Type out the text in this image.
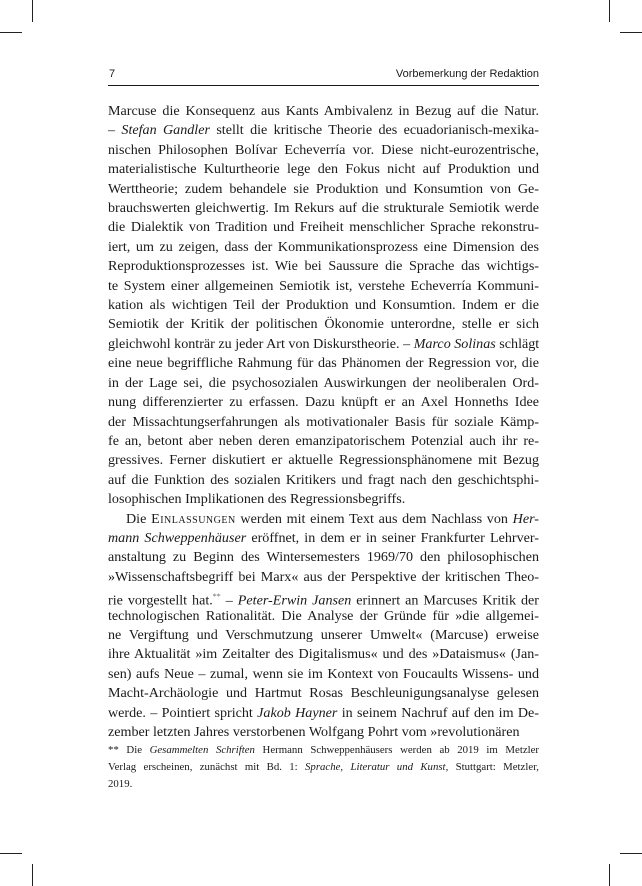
7	Vorbemerkung der Redaktion
Marcuse die Konsequenz aus Kants Ambivalenz in Bezug auf die Natur.
– Stefan Gandler stellt die kritische Theorie des ecuadorianisch-mexika-
nischen Philosophen Bolívar Echeverría vor. Diese nicht-eurozentrische,
materialistische Kulturtheorie lege den Fokus nicht auf Produktion und
Werttheorie; zudem behandele sie Produktion und Konsumtion von Ge-
brauchswerten gleichwertig. Im Rekurs auf die strukturale Semiotik werde
die Dialektik von Tradition und Freiheit menschlicher Sprache rekonstru-
iert, um zu zeigen, dass der Kommunikationsprozess eine Dimension des
Reproduktionsprozesses ist. Wie bei Saussure die Sprache das wichtigs-
te System einer allgemeinen Semiotik ist, verstehe Echeverría Kommuni-
kation als wichtigen Teil der Produktion und Konsumtion. Indem er die
Semiotik der Kritik der politischen Ökonomie unterordne, stelle er sich
gleichwohl konträr zu jeder Art von Diskurstheorie. – Marco Solinas schlägt
eine neue begriffliche Rahmung für das Phänomen der Regression vor, die
in der Lage sei, die psychosozialen Auswirkungen der neoliberalen Ord-
nung differenzierter zu erfassen. Dazu knüpft er an Axel Honneths Idee
der Missachtungserfahrungen als motivationaler Basis für soziale Kämp-
fe an, betont aber neben deren emanzipatorischem Potenzial auch ihr re-
gressives. Ferner diskutiert er aktuelle Regressionsphänomene mit Bezug
auf die Funktion des sozialen Kritikers und fragt nach den geschichtsphi-
losophischen Implikationen des Regressionsbegriffs.
Die Einlassungen werden mit einem Text aus dem Nachlass von Her-
mann Schweppenhäuser eröffnet, in dem er in seiner Frankfurter Lehrver-
anstaltung zu Beginn des Wintersemesters 1969/70 den philosophischen
»Wissenschaftsbegriff bei Marx« aus der Perspektive der kritischen Theo-
rie vorgestellt hat.** – Peter-Erwin Jansen erinnert an Marcuses Kritik der
technologischen Rationalität. Die Analyse der Gründe für »die allgemei-
ne Vergiftung und Verschmutzung unserer Umwelt« (Marcuse) erweise
ihre Aktualität »im Zeitalter des Digitalismus« und des »Dataismus« (Jan-
sen) aufs Neue – zumal, wenn sie im Kontext von Foucaults Wissens- und
Macht-Archäologie und Hartmut Rosas Beschleunigungsanalyse gelesen
werde. – Pointiert spricht Jakob Hayner in seinem Nachruf auf den im De-
zember letzten Jahres verstorbenen Wolfgang Pohrt vom »revolutionären
** Die Gesammelten Schriften Hermann Schweppenhäusers werden ab 2019 im Metzler
Verlag erscheinen, zunächst mit Bd. 1: Sprache, Literatur und Kunst, Stuttgart: Metzler,
2019.
